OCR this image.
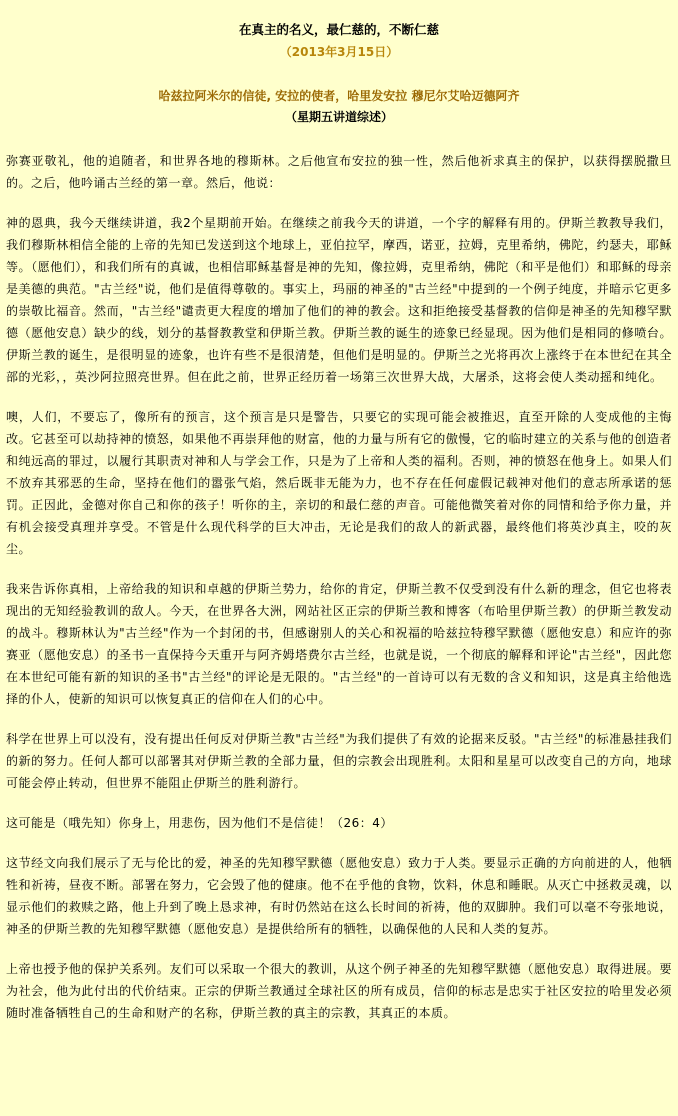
在真主的名义，最仁慈的，不断仁慈
（2013年3月15日）
哈兹拉阿米尔的信徒, 安拉的使者，哈里发安拉 穆尼尔艾哈迈德阿齐
（星期五讲道综述）

弥赛亚敬礼，他的追随者，和世界各地的穆斯林。之后他宣布安拉的独一性，然后他祈求真主的保护，以获得摆脱撒旦的。之后，他吟诵古兰经的第一章。然后，他说：

神的恩典，我今天继续讲道，我2个星期前开始。在继续之前我今天的讲道，一个字的解释有用的。伊斯兰教教导我们，我们穆斯林相信全能的上帝的先知已发送到这个地球上，亚伯拉罕，摩西，诺亚，拉姆，克里希纳，佛陀，约瑟夫，耶稣等。（愿他们），和我们所有的真诚，也相信耶稣基督是神的先知，像拉姆，克里希纳，佛陀（和平是他们）和耶稣的母亲是美德的典范。"古兰经"说，他们是值得尊敬的。事实上，玛丽的神圣的"古兰经"中提到的一个例子纯度，并暗示它更多的崇敬比福音。然而，"古兰经"谴责更大程度的增加了他们的神的教会。这和拒绝接受基督教的信仰是神圣的先知穆罕默德（愿他安息）缺少的线，划分的基督教教堂和伊斯兰教。伊斯兰教的诞生的迹象已经显现。因为他们是相同的修喷台。伊斯兰教的诞生，是很明显的迹象，也许有些不是很清楚，但他们是明显的。伊斯兰之光将再次上涨终于在本世纪在其全部的光彩，，英沙阿拉照亮世界。但在此之前，世界正经历着一场第三次世界大战，大屠杀，这将会使人类动摇和纯化。

噢，人们，不要忘了，像所有的预言，这个预言是只是警告，只要它的实现可能会被推迟，直至开除的人变成他的主悔改。它甚至可以劫持神的愤怒，如果他不再崇拜他的财富，他的力量与所有它的傲慢，它的临时建立的关系与他的创造者和纯远高的罪过，以履行其职责对神和人与学会工作，只是为了上帝和人类的福利。否则，神的愤怒在他身上。如果人们不放弃其邪恶的生命，坚持在他们的嚣张气焰，然后既非无能为力，也不存在任何虚假记载神对他们的意志所承诺的惩罚。正因此，金德对你自己和你的孩子！听你的主，亲切的和最仁慈的声音。可能他微笑着对你的同情和给予你力量，并有机会接受真理并享受。不管是什么现代科学的巨大冲击，无论是我们的敌人的新武器，最终他们将英沙真主，咬的灰尘。

我来告诉你真相，上帝给我的知识和卓越的伊斯兰势力，给你的肯定，伊斯兰教不仅受到没有什么新的理念，但它也将表现出的无知经验教训的敌人。今天，在世界各大洲，网站社区正宗的伊斯兰教和博客（布哈里伊斯兰教）的伊斯兰教发动的战斗。穆斯林认为"古兰经"作为一个封闭的书，但感谢别人的关心和祝福的哈兹拉特穆罕默德（愿他安息）和应许的弥赛亚（愿他安息）的圣书一直保持今天重开与阿齐姆塔费尔古兰经，也就是说，一个彻底的解释和评论"古兰经"，因此您在本世纪可能有新的知识的圣书"古兰经"的评论是无限的。"古兰经"的一首诗可以有无数的含义和知识，这是真主给他选择的仆人，使新的知识可以恢复真正的信仰在人们的心中。

科学在世界上可以没有，没有提出任何反对伊斯兰教"古兰经"为我们提供了有效的论据来反驳。"古兰经"的标准悬挂我们的新的努力。任何人都可以部署其对伊斯兰教的全部力量，但的宗教会出现胜利。太阳和星星可以改变自己的方向，地球可能会停止转动，但世界不能阻止伊斯兰的胜利游行。

这可能是（哦先知）你身上，用悲伤，因为他们不是信徒！（26：4）

这节经文向我们展示了无与伦比的爱，神圣的先知穆罕默德（愿他安息）致力于人类。要显示正确的方向前进的人，他牺牲和祈祷，昼夜不断。部署在努力，它会毁了他的健康。他不在乎他的食物，饮料，休息和睡眠。从灭亡中拯救灵魂，以显示他们的救赎之路，他上升到了晚上恳求神，有时仍然站在这么长时间的祈祷，他的双脚肿。我们可以毫不夸张地说，神圣的伊斯兰教的先知穆罕默德（愿他安息）是提供给所有的牺牲，以确保他的人民和人类的复苏。

上帝也授予他的保护关系列。友们可以采取一个很大的教训，从这个例子神圣的先知穆罕默德（愿他安息）取得进展。要为社会，他为此付出的代价结束。正宗的伊斯兰教通过全球社区的所有成员，信仰的标志是忠实于社区安拉的哈里发必须随时准备牺牲自己的生命和财产的名称，伊斯兰教的真主的宗教，其真正的本质。
